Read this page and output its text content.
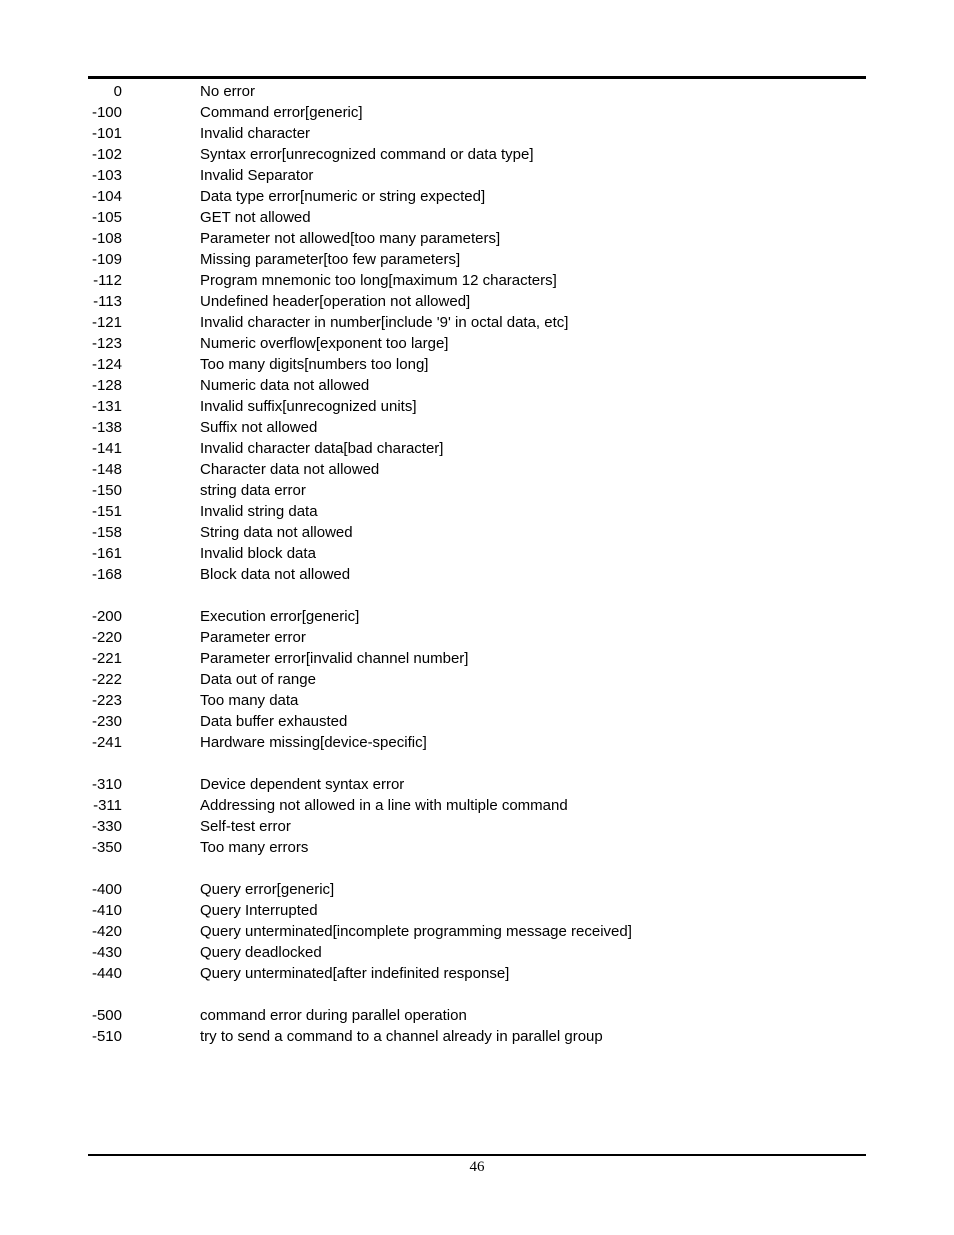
0	No error
-100	Command error[generic]
-101	Invalid character
-102	Syntax error[unrecognized command or data type]
-103	Invalid Separator
-104	Data type error[numeric or string expected]
-105	GET not allowed
-108	Parameter not allowed[too many parameters]
-109	Missing parameter[too few parameters]
-112	Program mnemonic too long[maximum 12 characters]
-113	Undefined header[operation not allowed]
-121	Invalid character in number[include '9' in octal data, etc]
-123	Numeric overflow[exponent too large]
-124	Too many digits[numbers too long]
-128	Numeric data not allowed
-131	Invalid suffix[unrecognized units]
-138	Suffix not allowed
-141	Invalid character data[bad character]
-148	Character data not allowed
-150	string data error
-151	Invalid string data
-158	String data not allowed
-161	Invalid block data
-168	Block data not allowed
-200	Execution error[generic]
-220	Parameter error
-221	Parameter error[invalid channel number]
-222	Data out of range
-223	Too many data
-230	Data buffer exhausted
-241	Hardware missing[device-specific]
-310	Device dependent syntax error
-311	Addressing not allowed in a line with multiple command
-330	Self-test error
-350	Too many errors
-400	Query error[generic]
-410	Query Interrupted
-420	Query unterminated[incomplete programming message received]
-430	Query deadlocked
-440	Query unterminated[after indefinited response]
-500	command error during parallel operation
-510	try to send a command to a channel already in parallel group
46
